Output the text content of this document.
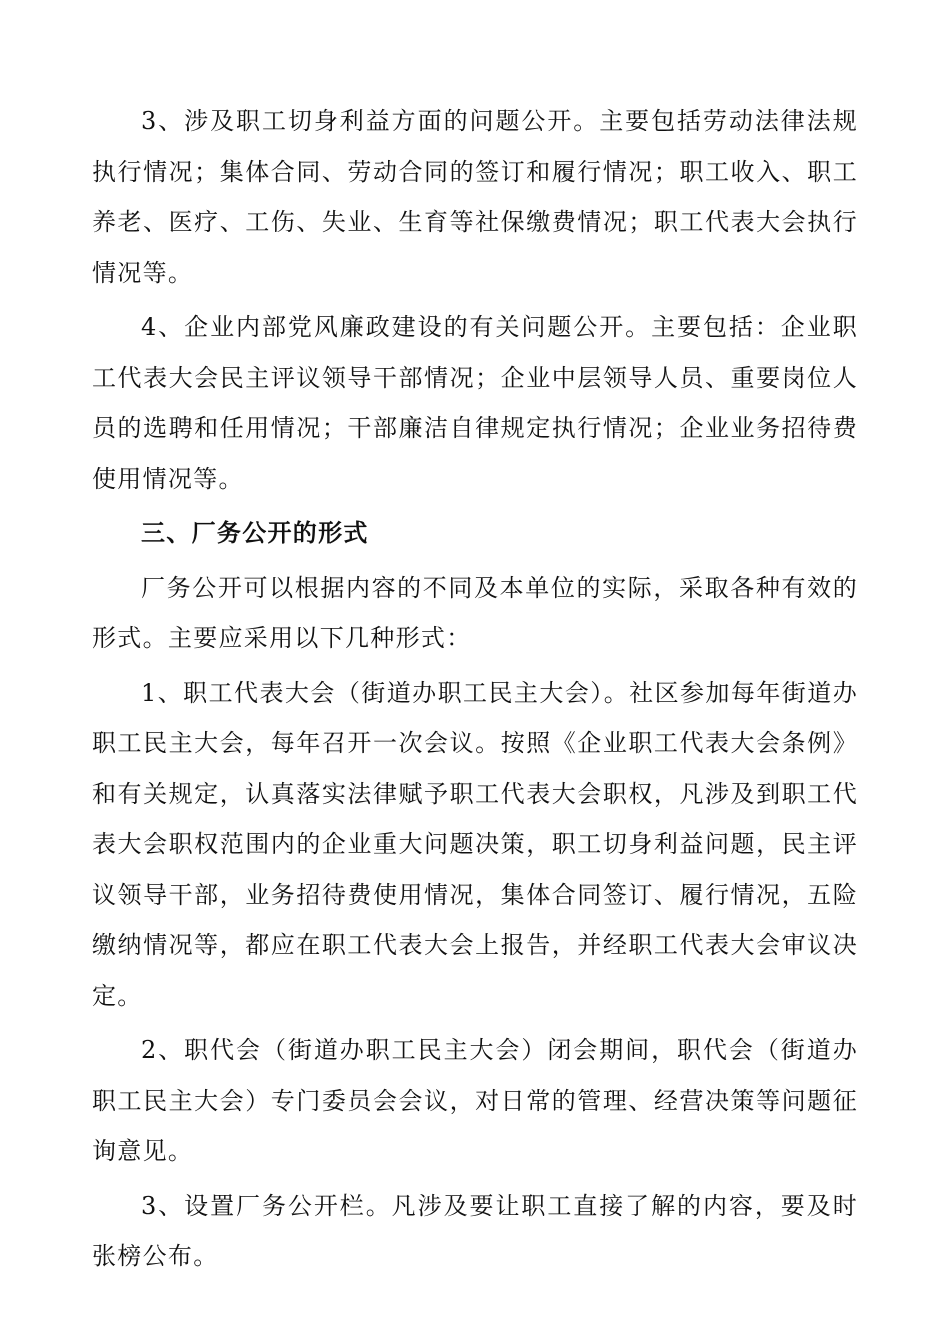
3、涉及职工切身利益方面的问题公开。主要包括劳动法律法规执行情况；集体合同、劳动合同的签订和履行情况；职工收入、职工养老、医疗、工伤、失业、生育等社保缴费情况；职工代表大会执行情况等。

4、企业内部党风廉政建设的有关问题公开。主要包括：企业职工代表大会民主评议领导干部情况；企业中层领导人员、重要岗位人员的选聘和任用情况；干部廉洁自律规定执行情况；企业业务招待费使用情况等。

三、厂务公开的形式

厂务公开可以根据内容的不同及本单位的实际，采取各种有效的形式。主要应采用以下几种形式：

1、职工代表大会（街道办职工民主大会）。社区参加每年街道办职工民主大会，每年召开一次会议。按照《企业职工代表大会条例》和有关规定，认真落实法律赋予职工代表大会职权，凡涉及到职工代表大会职权范围内的企业重大问题决策，职工切身利益问题，民主评议领导干部，业务招待费使用情况，集体合同签订、履行情况，五险缴纳情况等，都应在职工代表大会上报告，并经职工代表大会审议决定。

2、职代会（街道办职工民主大会）闭会期间，职代会（街道办职工民主大会）专门委员会会议，对日常的管理、经营决策等问题征询意见。

3、设置厂务公开栏。凡涉及要让职工直接了解的内容，要及时张榜公布。
